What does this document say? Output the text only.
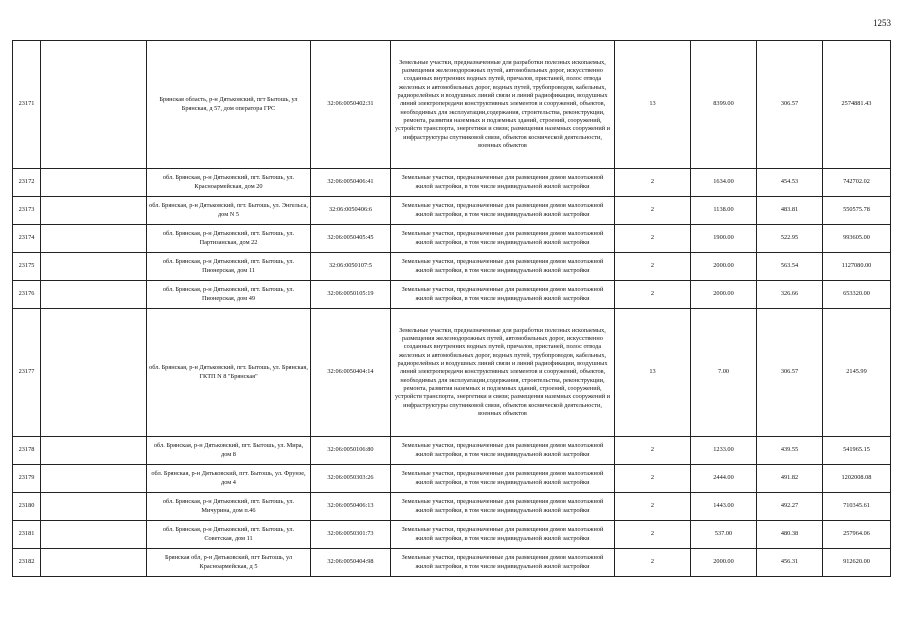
1253
23171		Брянская область, р-н Дятьковский, пгт Бытошь, ул Брянская, д 57, дом оператора ГРС	32:06:0050402:31	Земельные участки, предназначенные для разработки полезных ископаемых, размещения железнодорожных путей, автомобильных дорог, искусственно созданных внутренних водных путей, причалов, пристаней, полос отвода железных и автомобильных дорог, водных путей, трубопроводов, кабельных, радиорелейных и воздушных линий связи и линий радиофикации, воздушных линий электропередачи конструктивных элементов и сооружений, объектов, необходимых для эксплуатации,содержания, строительства, реконструкции, ремонта, развития наземных и подземных зданий, строений, сооружений, устройств транспорта, энергетики и связи; размещения наземных сооружений и инфраструктуры спутниковой связи, объектов космической деятельности, военных объектов	13	8399.00	306.57	2574881.43
23172		обл. Брянская, р-н Дятьковский, пгт. Бытошь, ул. Красноармейская, дом 20	32:06:0050406:41	Земельные участки, предназначенные для размещения домов малоэтажной жилой застройки, в том числе индивидуальной жилой застройки	2	1634.00	454.53	742702.02
23173		обл. Брянская, р-н Дятьковский, пгт. Бытошь, ул. Энгельса, дом N 5	32:06:0050406:6	Земельные участки, предназначенные для размещения домов малоэтажной жилой застройки, в том числе индивидуальной жилой застройки	2	1138.00	483.81	550575.78
23174		обл. Брянская, р-н Дятьковский, пгт. Бытошь, ул. Партизанская, дом 22	32:06:0050405:45	Земельные участки, предназначенные для размещения домов малоэтажной жилой застройки, в том числе индивидуальной жилой застройки	2	1900.00	522.95	993605.00
23175		обл. Брянская, р-н Дятьковский, пгт. Бытошь, ул. Пионерская, дом 11	32:06:0050107:5	Земельные участки, предназначенные для размещения домов малоэтажной жилой застройки, в том числе индивидуальной жилой застройки	2	2000.00	563.54	1127080.00
23176		обл. Брянская, р-н Дятьковский, пгт. Бытошь, ул. Пионерская, дом 49	32:06:0050105:19	Земельные участки, предназначенные для размещения домов малоэтажной жилой застройки, в том числе индивидуальной жилой застройки	2	2000.00	326.66	653320.00
23177		обл. Брянская, р-н Дятьковский, пгт. Бытошь, ул. Брянская, ГКТП N 8 "Брянская"	32:06:0050404:14	Земельные участки, предназначенные для разработки полезных ископаемых, размещения железнодорожных путей, автомобильных дорог, искусственно созданных внутренних водных путей, причалов, пристаней, полос отвода железных и автомобильных дорог, водных путей, трубопроводов, кабельных, радиорелейных и воздушных линий связи и линий радиофикации, воздушных линий электропередачи конструктивных элементов и сооружений, объектов, необходимых для эксплуатации,содержания, строительства, реконструкции, ремонта, развития наземных и подземных зданий, строений, сооружений, устройств транспорта, энергетики и связи; размещения наземных сооружений и инфраструктуры спутниковой связи, объектов космической деятельности, военных объектов	13	7.00	306.57	2145.99
23178		обл. Брянская, р-н Дятьковский, пгт. Бытошь, ул. Мира, дом 8	32:06:0050106:80	Земельные участки, предназначенные для размещения домов малоэтажной жилой застройки, в том числе индивидуальной жилой застройки	2	1233.00	439.55	541965.15
23179		обл. Брянская, р-н Дятьковский, пгт. Бытошь, ул. Фрунзе, дом 4	32:06:0050303:26	Земельные участки, предназначенные для размещения домов малоэтажной жилой застройки, в том числе индивидуальной жилой застройки	2	2444.00	491.82	1202008.08
23180		обл. Брянская, р-н Дятьковский, пгт. Бытошь, ул. Мичурина, дом п.46	32:06:0050406:13	Земельные участки, предназначенные для размещения домов малоэтажной жилой застройки, в том числе индивидуальной жилой застройки	2	1443.00	492.27	710345.61
23181		обл. Брянская, р-н Дятьковский, пгт. Бытошь, ул. Советская, дом 11	32:06:0050301:73	Земельные участки, предназначенные для размещения домов малоэтажной жилой застройки, в том числе индивидуальной жилой застройки	2	537.00	480.38	257964.06
23182		Брянская обл, р-н Дятьковский, пгт Бытошь, ул Красноармейская, д 5	32:06:0050404:98	Земельные участки, предназначенные для размещения домов малоэтажной жилой застройки, в том числе индивидуальной жилой застройки	2	2000.00	456.31	912620.00
